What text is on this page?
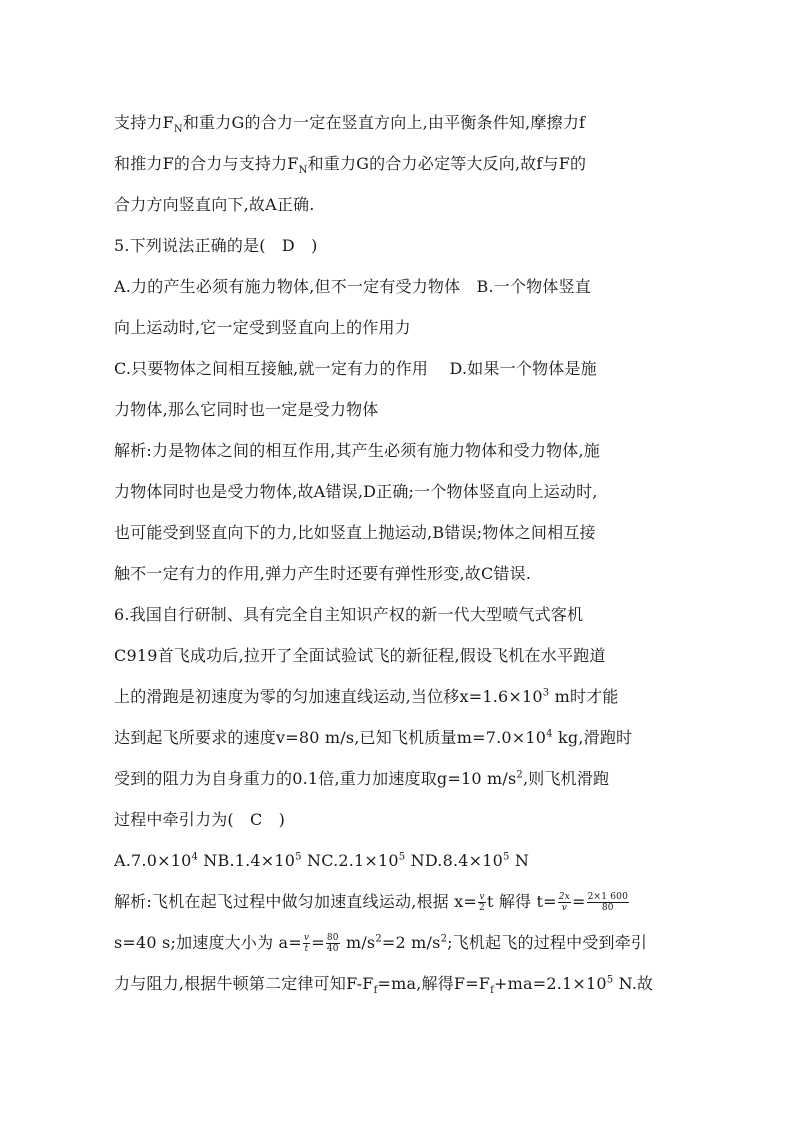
支持力$F_N$和重力G的合力一定在竖直方向上,由平衡条件知,摩擦力f
和推力F的合力与支持力$F_N$和重力G的合力必定等大反向,故f与F的
合力方向竖直向下,故A正确.
5.下列说法正确的是(　D　)
A.力的产生必须有施力物体,但不一定有受力物体　B.一个物体竖直
向上运动时,它一定受到竖直向上的作用力
C.只要物体之间相互接触,就一定有力的作用　 D.如果一个物体是施
力物体,那么它同时也一定是受力物体
解析:力是物体之间的相互作用,其产生必须有施力物体和受力物体,施
力物体同时也是受力物体,故A错误,D正确;一个物体竖直向上运动时,
也可能受到竖直向下的力,比如竖直上抛运动,B错误;物体之间相互接
触不一定有力的作用,弹力产生时还要有弹性形变,故C错误.
6.我国自行研制、具有完全自主知识产权的新一代大型喷气式客机
C919首飞成功后,拉开了全面试验试飞的新征程,假设飞机在水平跑道
上的滑跑是初速度为零的匀加速直线运动,当位移$x=1.6\times 10^3$ m时才能
达到起飞所要求的速度v=80 m/s,已知飞机质量$m=7.0\times 10^4$ kg,滑跑时
受到的阻力为自身重力的0.1倍,重力加速度取g=10 $m/s^2$,则飞机滑跑
过程中牵引力为(　C　)
$A.7.0\times 10^4$ $NB.1.4\times 10^5$ $NC.2.1\times 10^5$ $ND.8.4\times 10^5$ N
解析:飞机在起飞过程中做匀加速直线运动,根据 $x= \frac{v}{2}$ t 解得 $t= \frac{2x}{v} = \frac{2\times 1 600}{80}$
s=40 s;加速度大小为 $a= \frac{v}{t} = \frac{80}{40} m/s^2=2$ $m/s^2$;飞机起飞的过程中受到牵引
力与阻力,根据牛顿第二定律可知$F-F_f=ma$,解得$F=F_f+ma=2.1\times 10^5$ N.故
